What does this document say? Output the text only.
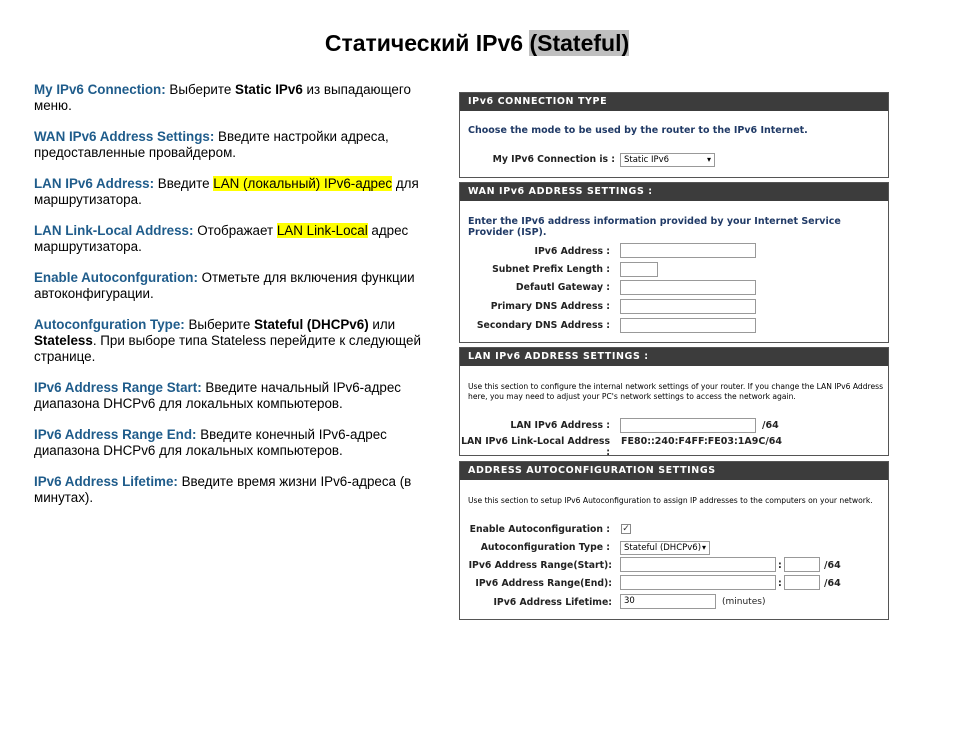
Статический IPv6 (Stateful)
My IPv6 Connection: Выберите Static IPv6 из выпадающего меню.
WAN IPv6 Address Settings: Введите настройки адреса, предоставленные провайдером.
LAN IPv6 Address: Введите LAN (локальный) IPv6-адрес для маршрутизатора.
LAN Link-Local Address: Отображает LAN Link-Local адрес маршрутизатора.
Enable Autoconfguration: Отметьте для включения функции автоконфигурации.
Autoconfguration Type: Выберите Stateful (DHCPv6) или Stateless. При выборе типа Stateless перейдите к следующей странице.
IPv6 Address Range Start: Введите начальный IPv6-адрес диапазона DHCPv6 для локальных компьютеров.
IPv6 Address Range End: Введите конечный IPv6-адрес диапазона DHCPv6 для локальных компьютеров.
IPv6 Address Lifetime: Введите время жизни IPv6-адреса (в минутах).
IPv6 CONNECTION TYPE
Choose the mode to be used by the router to the IPv6 Internet.
My IPv6 Connection is :	Static IPv6	▾
WAN IPv6 ADDRESS SETTINGS :
Enter the IPv6 address information provided by your Internet Service Provider (ISP).
IPv6 Address :
Subnet Prefix Length :
Defautl Gateway :
Primary DNS Address :
Secondary DNS Address :
LAN IPv6 ADDRESS SETTINGS :
Use this section to configure the internal network settings of your router. If you change the LAN IPv6 Address
here, you may need to adjust your PC's network settings to access the network again.
LAN IPv6 Address :	/64
LAN IPv6 Link-Local Address :
FE80::240:F4FF:FE03:1A9C/64
ADDRESS AUTOCONFIGURATION SETTINGS
Use this section to setup IPv6 Autoconfiguration to assign IP addresses to the computers on your network.
Enable Autoconfiguration : ✓
Autoconfiguration Type :	Stateful (DHCPv6) ▾
IPv6 Address Range(Start):	:	/64
IPv6 Address Range(End):	:	/64
IPv6 Address Lifetime:	30	(minutes)
